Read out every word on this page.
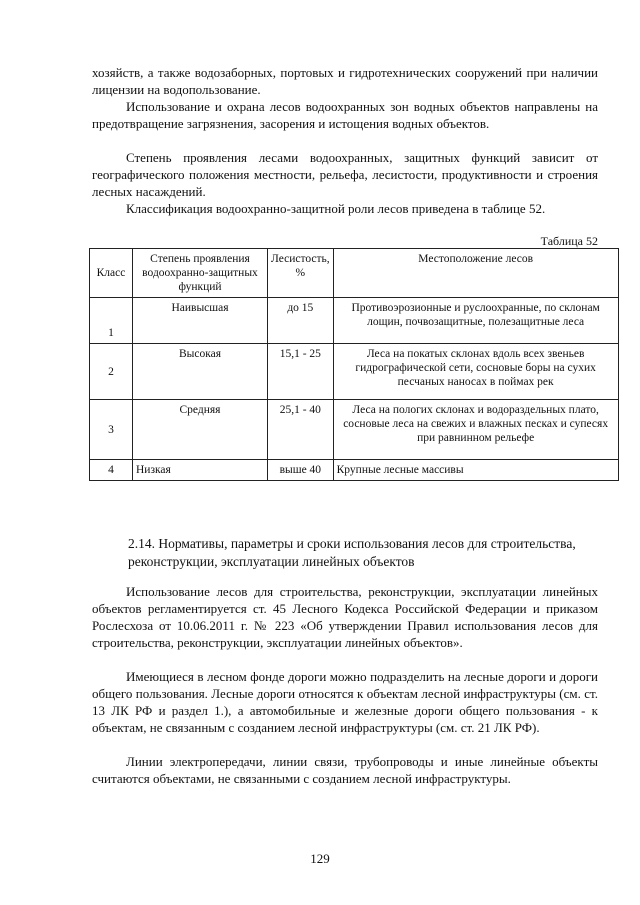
хозяйств, а также водозаборных, портовых и гидротехнических сооружений при наличии лицензии на водопользование.

Использование и охрана лесов водоохранных зон водных объектов направлены на предотвращение загрязнения, засорения и истощения водных объектов.

Степень проявления лесами водоохранных, защитных функций зависит от географического положения местности, рельефа, лесистости, продуктивности и строения лесных насаждений.

Классификация водоохранно-защитной роли лесов приведена в таблице 52.

Таблица 52
Класс	Степень проявления водоохранно-защитных функций	Лесистость, %	Местоположение лесов
1	Наивысшая	до 15	Противоэрозионные и руслоохранные, по склонам лощин, почвозащитные, полезащитные леса
2	Высокая	15,1 - 25	Леса на покатых склонах вдоль всех звеньев гидрографической сети, сосновые боры на сухих песчаных наносах в поймах рек
3	Средняя	25,1 - 40	Леса на пологих склонах и водораздельных плато, сосновые леса на свежих и влажных песках и супесях при равнинном рельефе
4	Низкая	выше 40	Крупные лесные массивы

2.14. Нормативы, параметры и сроки использования лесов для строительства, реконструкции, эксплуатации линейных объектов

Использование лесов для строительства, реконструкции, эксплуатации линейных объектов регламентируется ст. 45 Лесного Кодекса Российской Федерации и приказом Рослесхоза от 10.06.2011 г. № 223 «Об утверждении Правил использования лесов для строительства, реконструкции, эксплуатации линейных объектов».

Имеющиеся в лесном фонде дороги можно подразделить на лесные дороги и дороги общего пользования. Лесные дороги относятся к объектам лесной инфраструктуры (см. ст. 13 ЛК РФ и раздел 1.), а автомобильные и железные дороги общего пользования - к объектам, не связанным с созданием лесной инфраструктуры (см. ст. 21 ЛК РФ).

Линии электропередачи, линии связи, трубопроводы и иные линейные объекты считаются объектами, не связанными с созданием лесной инфраструктуры.

129
